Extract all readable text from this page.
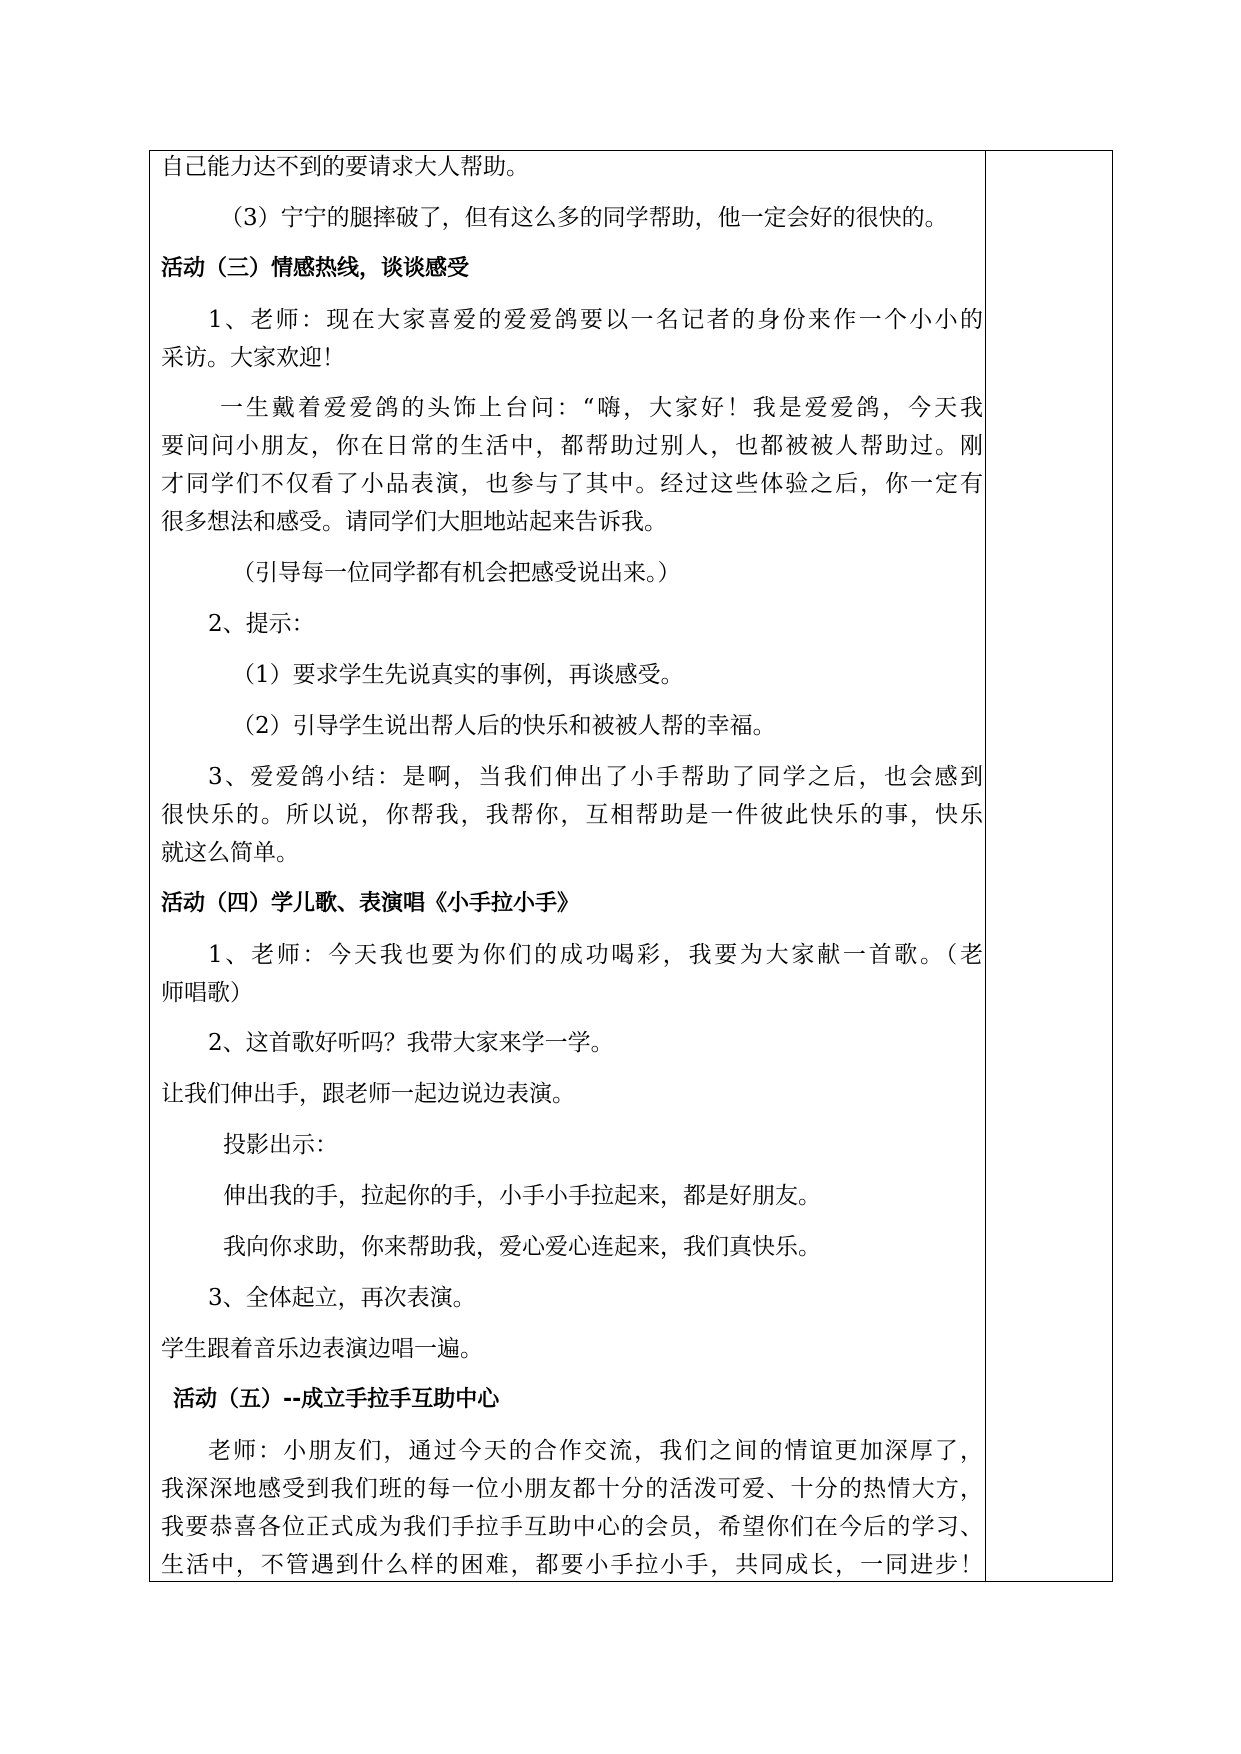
自己能力达不到的要请求大人帮助。
（3）宁宁的腿摔破了，但有这么多的同学帮助，他一定会好的很快的。
活动（三）情感热线，谈谈感受
1、老师：现在大家喜爱的爱爱鸽要以一名记者的身份来作一个小小的
采访。大家欢迎！
一生戴着爱爱鸽的头饰上台问：“嗨，大家好！我是爱爱鸽，今天我
要问问小朋友，你在日常的生活中，都帮助过别人，也都被被人帮助过。刚
才同学们不仅看了小品表演，也参与了其中。经过这些体验之后，你一定有
很多想法和感受。请同学们大胆地站起来告诉我。
（引导每一位同学都有机会把感受说出来。）
2、提示：
（1）要求学生先说真实的事例，再谈感受。
（2）引导学生说出帮人后的快乐和被被人帮的幸福。
3、爱爱鸽小结：是啊，当我们伸出了小手帮助了同学之后，也会感到
很快乐的。所以说，你帮我，我帮你，互相帮助是一件彼此快乐的事，快乐
就这么简单。
活动（四）学儿歌、表演唱《小手拉小手》
1、老师：今天我也要为你们的成功喝彩，我要为大家献一首歌。（老
师唱歌）
2、这首歌好听吗？我带大家来学一学。
让我们伸出手，跟老师一起边说边表演。
投影出示：
伸出我的手，拉起你的手，小手小手拉起来，都是好朋友。
我向你求助，你来帮助我，爱心爱心连起来，我们真快乐。
3、全体起立，再次表演。
学生跟着音乐边表演边唱一遍。
活动（五）--成立手拉手互助中心
老师：小朋友们，通过今天的合作交流，我们之间的情谊更加深厚了，
我深深地感受到我们班的每一位小朋友都十分的活泼可爱、十分的热情大方，
我要恭喜各位正式成为我们手拉手互助中心的会员，希望你们在今后的学习、
生活中，不管遇到什么样的困难，都要小手拉小手，共同成长，一同进步！
